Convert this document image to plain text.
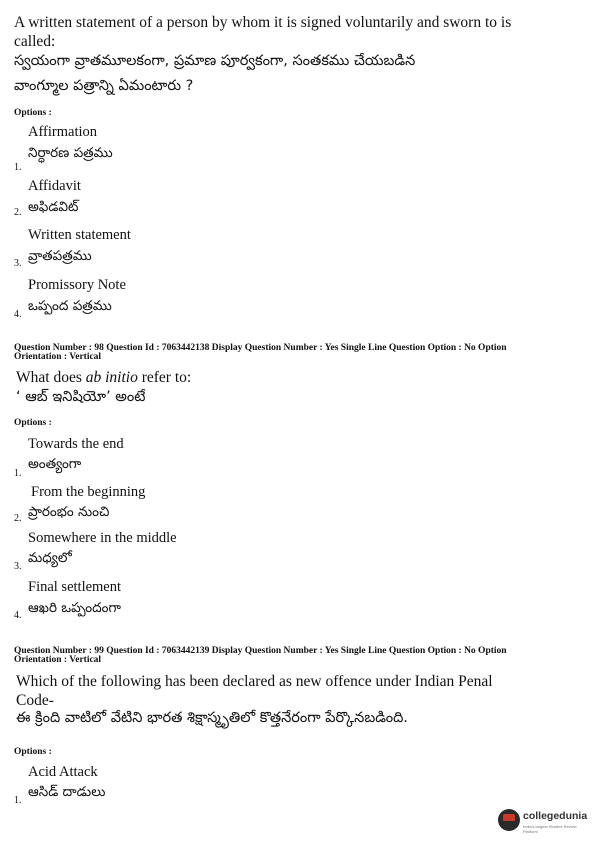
A written statement of a person by whom it is signed voluntarily and sworn to is
called:
స్వయంగా వ్రాతమూలకంగా, ప్రమాణ పూర్వకంగా, సంతకము చేయబడిన
వాంగ్మూల పత్రాన్ని ఏమంటారు ?
Options :
Affirmation
నిర్ధారణ పత్రము
1.
Affidavit
అఫిడవిట్
2.
Written statement
వ్రాతపత్రము
3.
Promissory Note
ఒప్పంద పత్రము
4.
Question Number : 98 Question Id : 7063442138 Display Question Number : Yes Single Line Question Option : No Option
Orientation : Vertical
What does ab initio refer to:
‘ ఆబ్ ఇనిషియో’ అంటే
Options :
Towards the end
అంత్యంగా
1.
From the beginning
ప్రారంభం నుంచి
2.
Somewhere in the middle
మధ్యలో
3.
Final settlement
ఆఖరి ఒప్పందంగా
4.
Question Number : 99 Question Id : 7063442139 Display Question Number : Yes Single Line Question Option : No Option
Orientation : Vertical
Which of the following has been declared as new offence under Indian Penal
Code-
ఈ క్రింది వాటిలో వేటిని భారత శిక్షాస్మృతిలో కొత్తనేరంగా పేర్కొనబడింది.
Options :
Acid Attack
ఆసిడ్ దాడులు
1.
collegedunia
India's largest Student Review Platform
